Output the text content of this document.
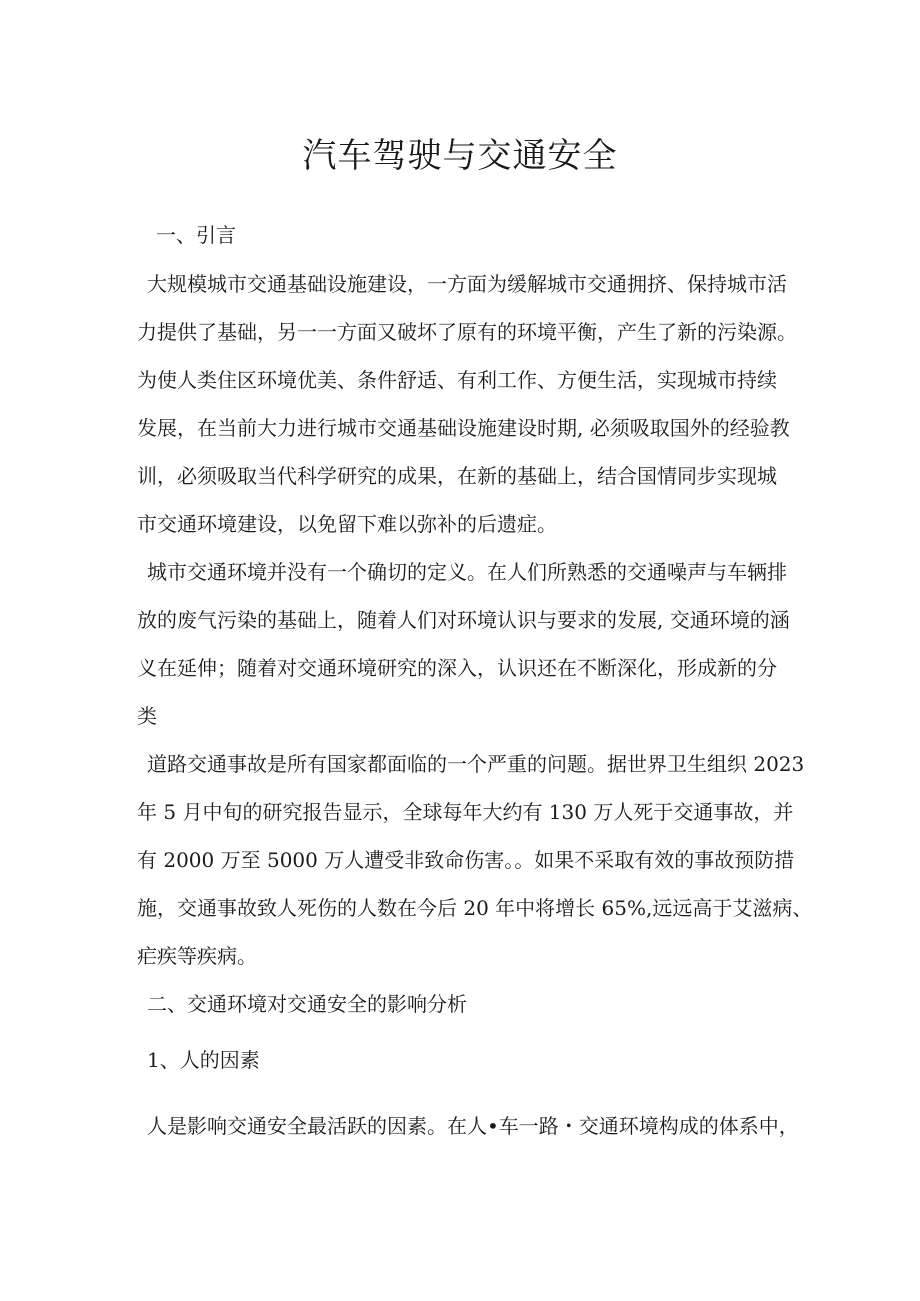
汽车驾驶与交通安全
一、引言
大规模城市交通基础设施建设，一方面为缓解城市交通拥挤、保持城市活
力提供了基础，另一一方面又破坏了原有的环境平衡，产生了新的污染源。
为使人类住区环境优美、条件舒适、有利工作、方便生活，实现城市持续
发展，在当前大力进行城市交通基础设施建设时期, 必须吸取国外的经验教
训，必须吸取当代科学研究的成果，在新的基础上，结合国情同步实现城
市交通环境建设，以免留下难以弥补的后遗症。
城市交通环境并没有一个确切的定义。在人们所熟悉的交通噪声与车辆排
放的废气污染的基础上，随着人们对环境认识与要求的发展, 交通环境的涵
义在延伸；随着对交通环境研究的深入，认识还在不断深化，形成新的分
类
道路交通事故是所有国家都面临的一个严重的问题。据世界卫生组织 2023
年 5 月中旬的研究报告显示，全球每年大约有 130 万人死于交通事故，并
有 2000 万至 5000 万人遭受非致命伤害。。如果不采取有效的事故预防措
施，交通事故致人死伤的人数在今后 20 年中将增长 65%,远远高于艾滋病、
疟疾等疾病。
二、交通环境对交通安全的影响分析
1、人的因素
人是影响交通安全最活跃的因素。在人•车一路・交通环境构成的体系中，
